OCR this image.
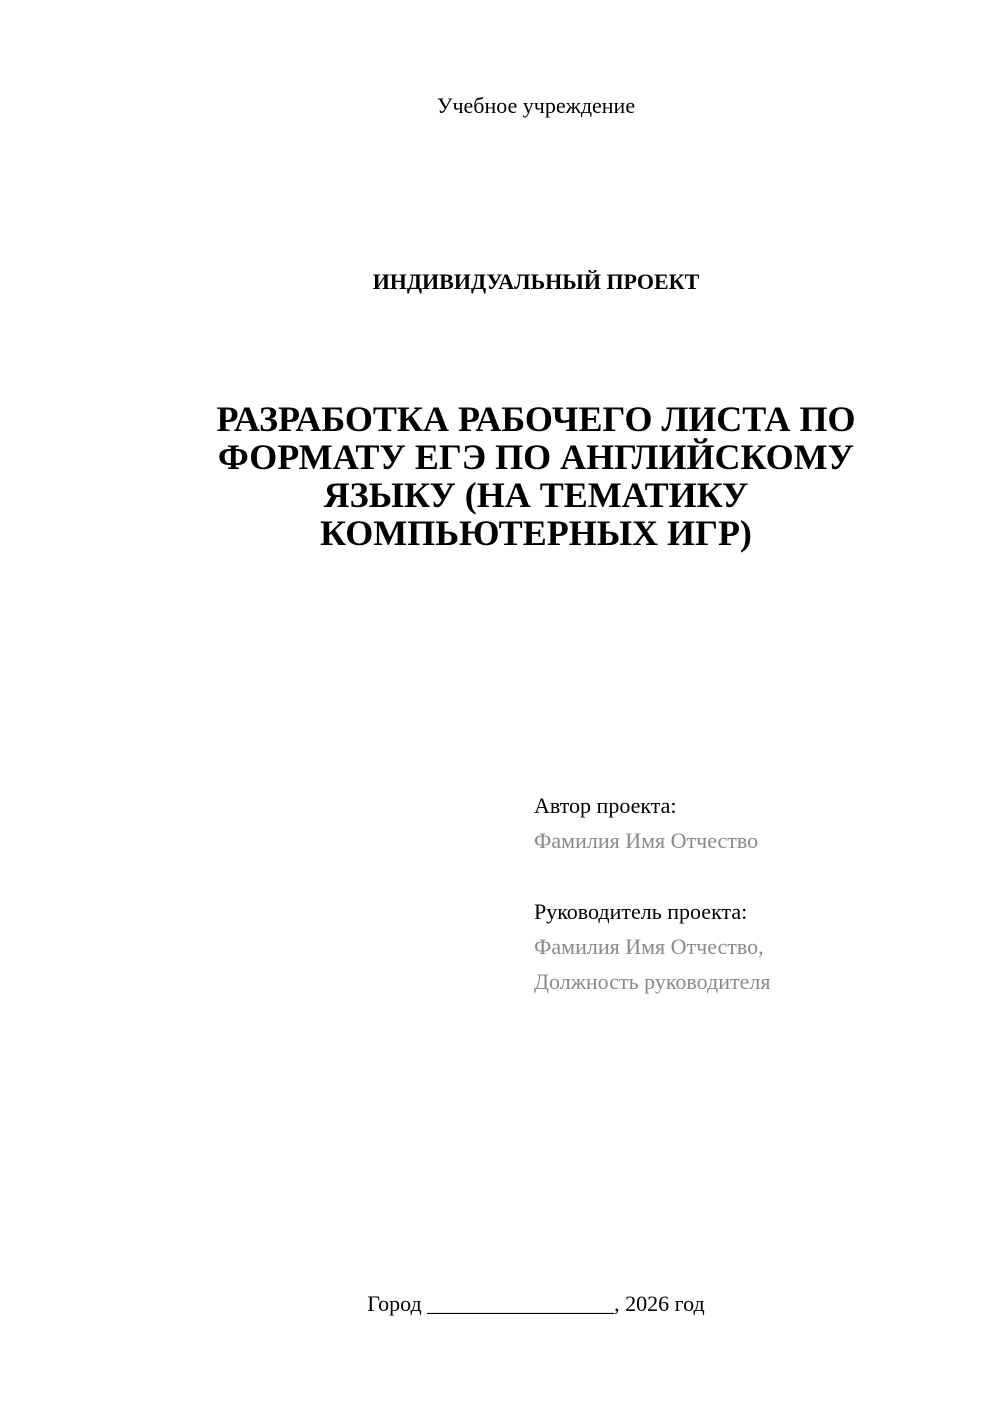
Учебное учреждение
ИНДИВИДУАЛЬНЫЙ ПРОЕКТ
РАЗРАБОТКА РАБОЧЕГО ЛИСТА ПО
ФОРМАТУ ЕГЭ ПО АНГЛИЙСКОМУ
ЯЗЫКУ (НА ТЕМАТИКУ
КОМПЬЮТЕРНЫХ ИГР)
Автор проекта:
Фамилия Имя Отчество
Руководитель проекта:
Фамилия Имя Отчество,
Должность руководителя
Город _________________, 2026 год
